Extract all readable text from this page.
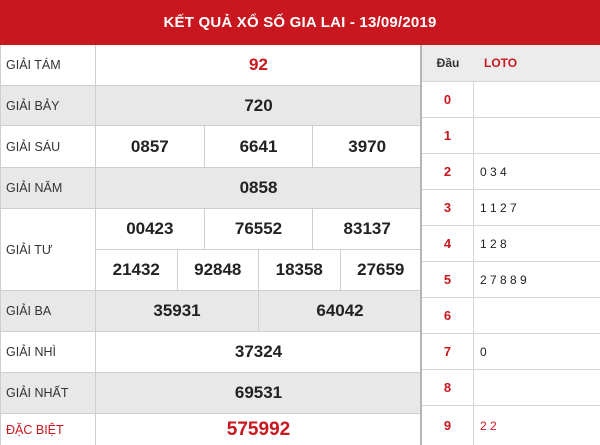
KẾT QUẢ XỔ SỐ GIA LAI - 13/09/2019
GIẢI TÁM	92
GIẢI BẢY	720
GIẢI SÁU	0857	6641	3970
GIẢI NĂM	0858
GIẢI TƯ
00423	76552	83137
21432	92848	18358	27659
GIẢI BA	35931	64042
GIẢI NHÌ	37324
GIẢI NHẤT	69531
ĐẶC BIỆT	575992
Đầu	LOTO
0
1
2	0 3 4
3	1 1 2 7
4	1 2 8
5	2 7 8 8 9
6
7	0
8
9	2 2
